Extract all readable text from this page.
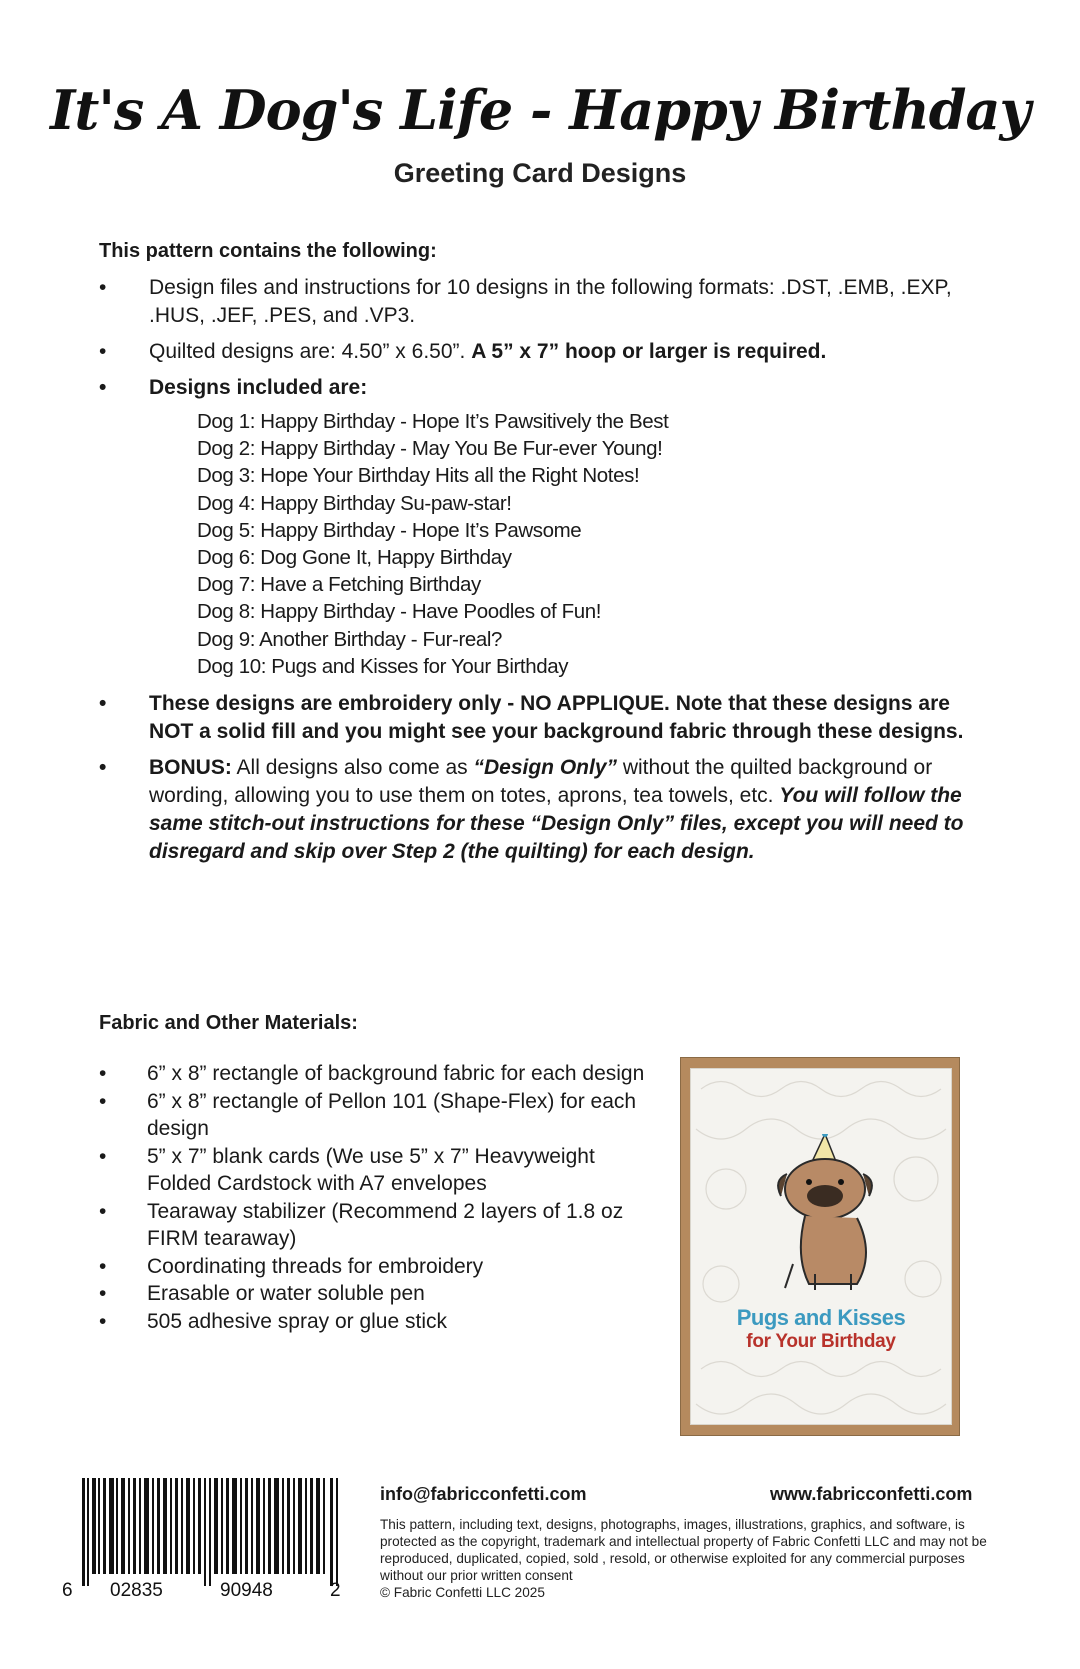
It's A Dog's Life - Happy Birthday
Greeting Card Designs
This pattern contains the following:
•	Design files and instructions for 10 designs in the following formats: .DST, .EMB, .EXP, .HUS, .JEF, .PES, and .VP3.
•	Quilted designs are: 4.50” x 6.50”. A 5” x 7” hoop or larger is required.
•	Designs included are:
Dog 1: Happy Birthday - Hope It’s Pawsitively the Best
Dog 2: Happy Birthday - May You Be Fur-ever Young!
Dog 3: Hope Your Birthday Hits all the Right Notes!
Dog 4: Happy Birthday Su-paw-star!
Dog 5: Happy Birthday - Hope It’s Pawsome
Dog 6: Dog Gone It, Happy Birthday
Dog 7: Have a Fetching Birthday
Dog 8: Happy Birthday - Have Poodles of Fun!
Dog 9: Another Birthday - Fur-real?
Dog 10: Pugs and Kisses for Your Birthday
•	These designs are embroidery only - NO APPLIQUE. Note that these designs are NOT a solid fill and you might see your background fabric through these designs.
•	BONUS: All designs also come as “Design Only” without the quilted background or wording, allowing you to use them on totes, aprons, tea towels, etc. You will follow the same stitch-out instructions for these “Design Only” files, except you will need to disregard and skip over Step 2 (the quilting) for each design.
Fabric and Other Materials:
• 6” x 8” rectangle of background fabric for each design
• 6” x 8” rectangle of Pellon 101 (Shape-Flex) for each design
• 5” x 7” blank cards (We use 5” x 7” Heavyweight Folded Cardstock with A7 envelopes
• Tearaway stabilizer (Recommend 2 layers of 1.8 oz FIRM tearaway)
• Coordinating threads for embroidery
• Erasable or water soluble pen
• 505 adhesive spray or glue stick	Pugs and Kisses
for Your Birthday
6 02835	90948	2
info@fabricconfetti.com	www.fabricconfetti.com
This pattern, including text, designs, photographs, images, illustrations, graphics, and software, is protected as the copyright, trademark and intellectual property of Fabric Confetti LLC and may not be reproduced, duplicated, copied, sold , resold, or otherwise exploited for any commercial purposes without our prior written consent
© Fabric Confetti LLC 2025
